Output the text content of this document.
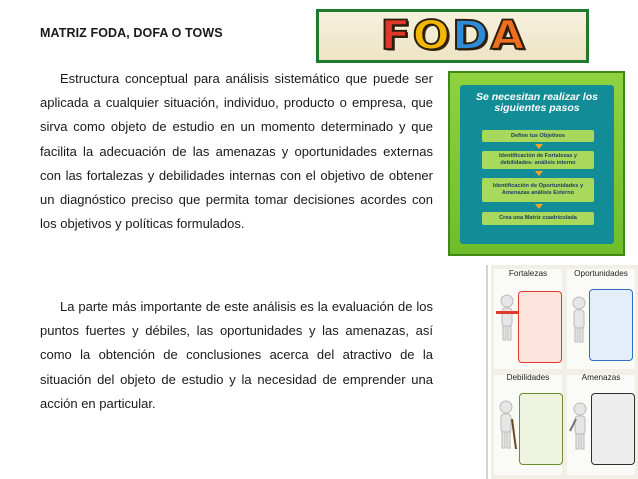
MATRIZ FODA, DOFA O TOWS

Estructura conceptual para análisis sistemático que puede ser aplicada a cualquier situación, individuo, producto o empresa, que sirva como objeto de estudio en un momento determinado y que facilita la adecuación de las amenazas y oportunidades externas con las fortalezas y debilidades internas con el objetivo de obtener un diagnóstico preciso que permita tomar decisiones acordes con los objetivos y políticas formulados.

La parte más importante de este análisis es la evaluación de los puntos fuertes y débiles, las oportunidades y las amenazas, así como la obtención de conclusiones acerca del atractivo de la situación del objeto de estudio y la necesidad de emprender una acción en particular.

F O D A
Se necesitan realizar los siguientes pasos
Define tus Objetivos
Identificación de Fortalezas y debilidades- análisis interno
Identificación de Oportunidades y Amenazas análisis Externo
Crea una Matriz cuadriculada
Fortalezas	Oportunidades
Debilidades	Amenazas
